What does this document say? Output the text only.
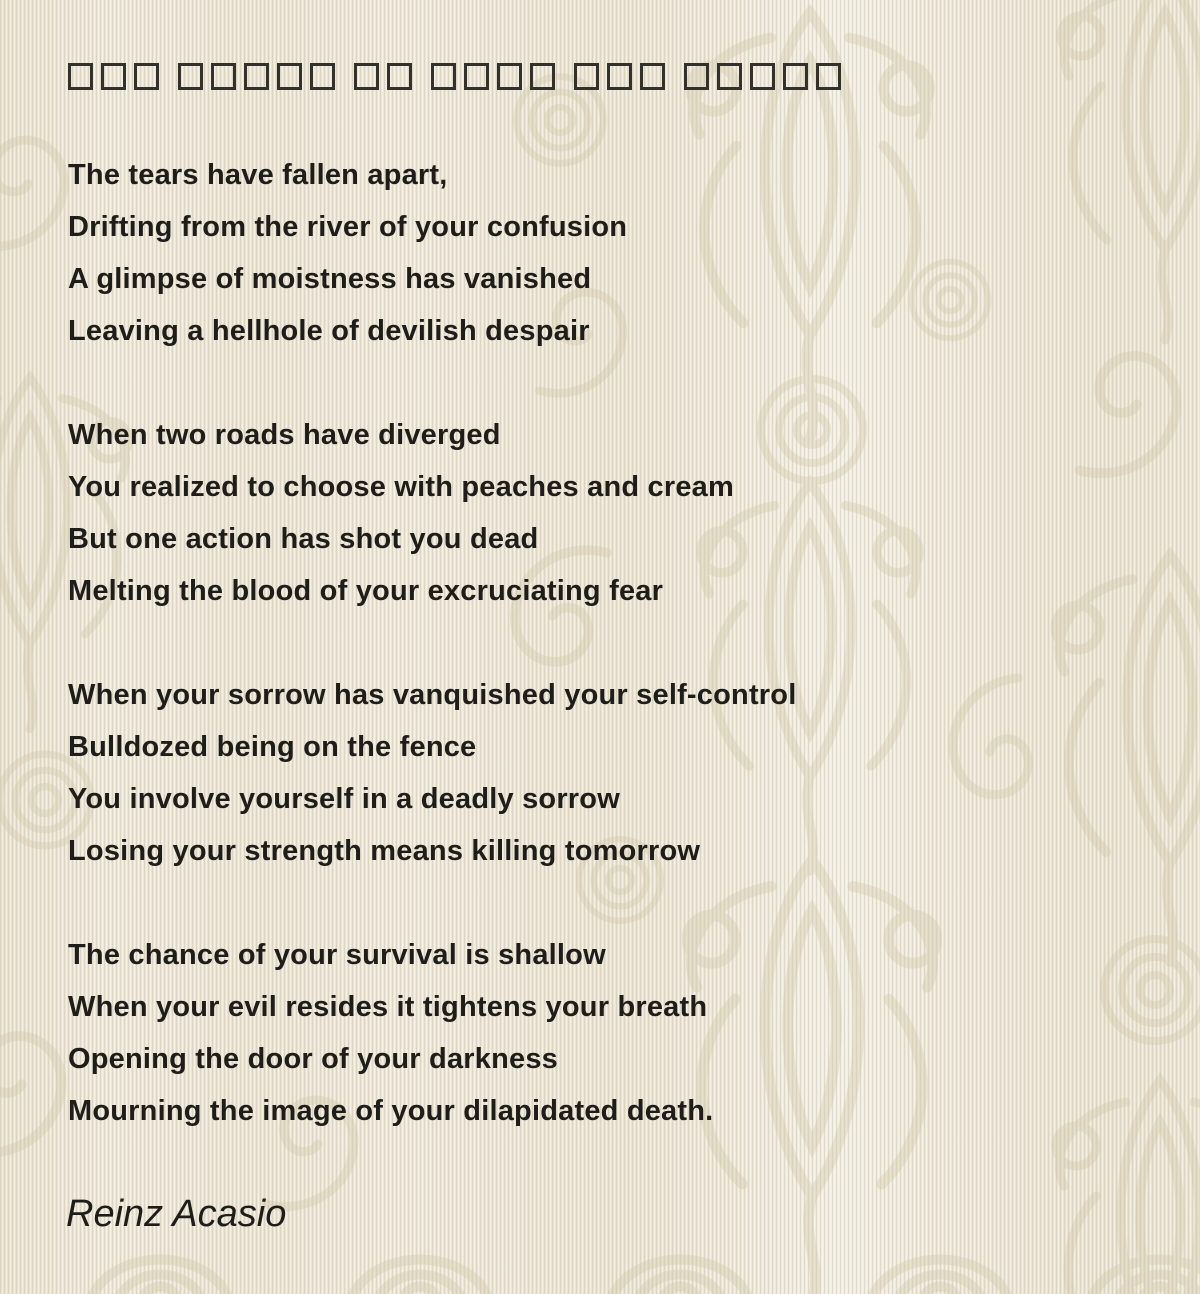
The tears have fallen apart,
Drifting from the river of your confusion
A glimpse of moistness has vanished
Leaving a hellhole of devilish despair

When two roads have diverged
You realized to choose with peaches and cream
But one action has shot you dead
Melting the blood of your excruciating fear

When your sorrow has vanquished your self-control
Bulldozed being on the fence
You involve yourself in a deadly sorrow
Losing your strength means killing tomorrow

The chance of your survival is shallow
When your evil resides it tightens your breath
Opening the door of your darkness
Mourning the image of your dilapidated death.

Reinz Acasio
